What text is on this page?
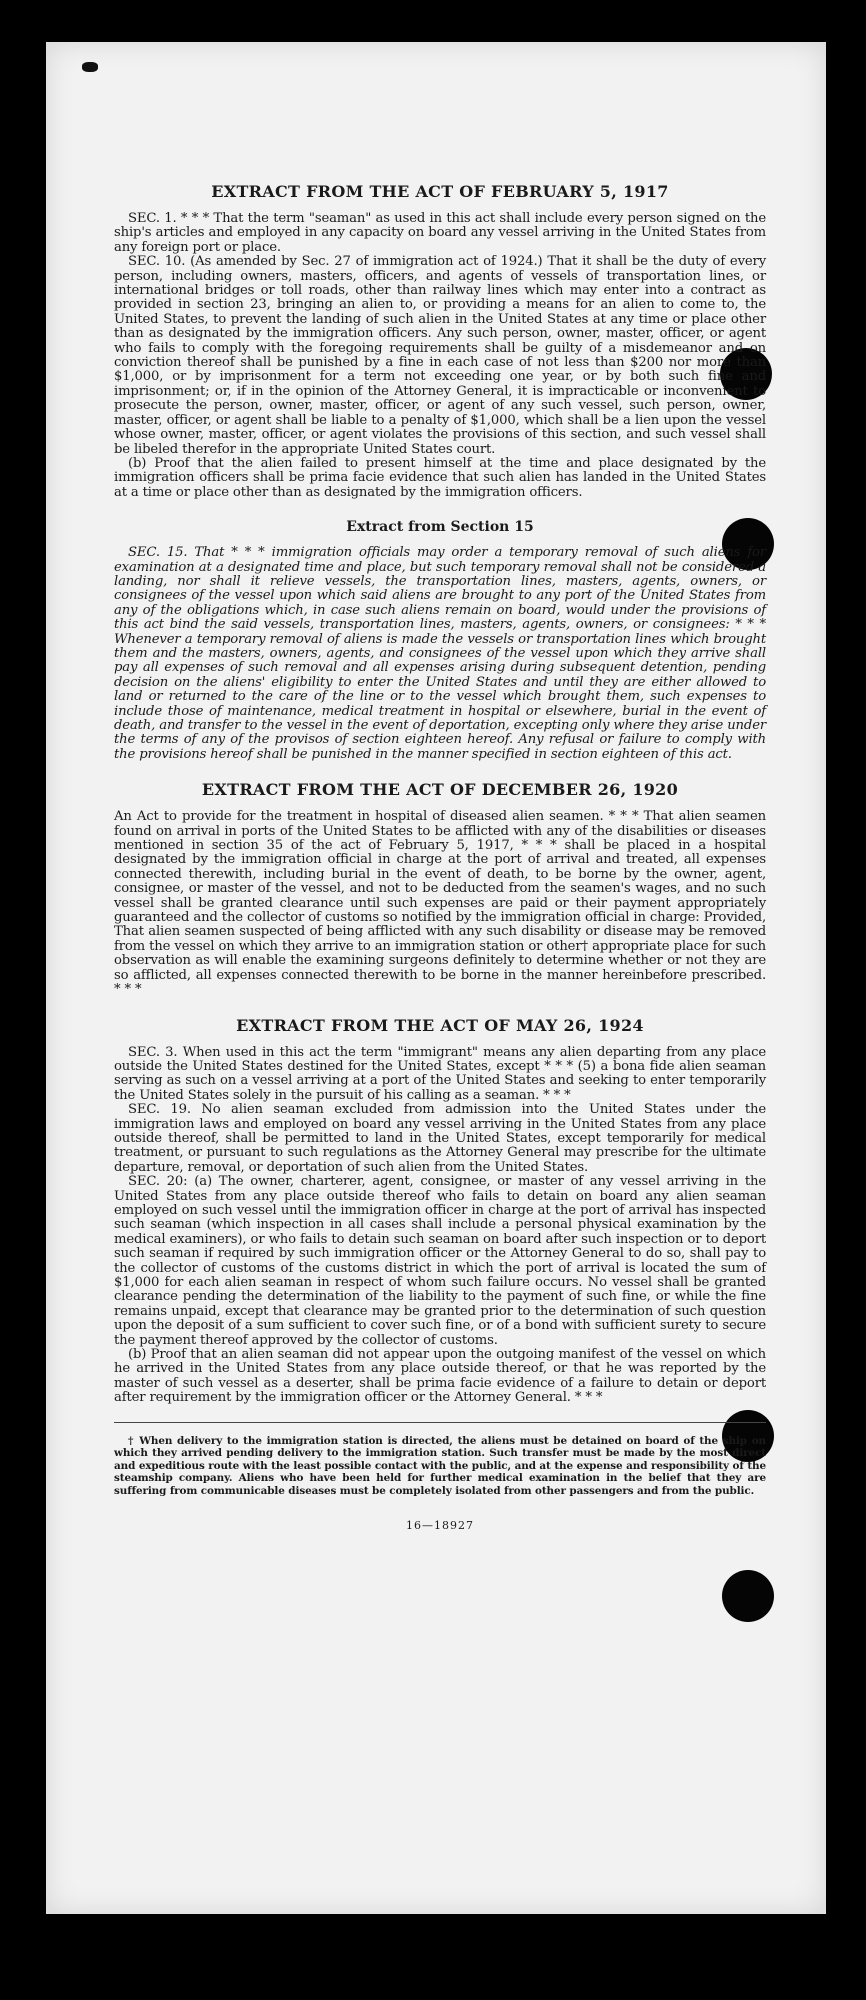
EXTRACT FROM THE ACT OF FEBRUARY 5, 1917

SEC. 1. * * * That the term "seaman" as used in this act shall include every person signed on the ship's articles and employed in any capacity on board any vessel arriving in the United States from any foreign port or place.

SEC. 10. (As amended by Sec. 27 of immigration act of 1924.) That it shall be the duty of every person, including owners, masters, officers, and agents of vessels of transportation lines, or international bridges or toll roads, other than railway lines which may enter into a contract as provided in section 23, bringing an alien to, or providing a means for an alien to come to, the United States, to prevent the landing of such alien in the United States at any time or place other than as designated by the immigration officers. Any such person, owner, master, officer, or agent who fails to comply with the foregoing requirements shall be guilty of a misdemeanor and on conviction thereof shall be punished by a fine in each case of not less than $200 nor more than $1,000, or by imprisonment for a term not exceeding one year, or by both such fine and imprisonment; or, if in the opinion of the Attorney General, it is impracticable or inconvenient to prosecute the person, owner, master, officer, or agent of any such vessel, such person, owner, master, officer, or agent shall be liable to a penalty of $1,000, which shall be a lien upon the vessel whose owner, master, officer, or agent violates the provisions of this section, and such vessel shall be libeled therefor in the appropriate United States court.

(b) Proof that the alien failed to present himself at the time and place designated by the immigration officers shall be prima facie evidence that such alien has landed in the United States at a time or place other than as designated by the immigration officers.

Extract from Section 15

SEC. 15. That * * * immigration officials may order a temporary removal of such aliens for examination at a designated time and place, but such temporary removal shall not be considered a landing, nor shall it relieve vessels, the transportation lines, masters, agents, owners, or consignees of the vessel upon which said aliens are brought to any port of the United States from any of the obligations which, in case such aliens remain on board, would under the provisions of this act bind the said vessels, transportation lines, masters, agents, owners, or consignees: * * * Whenever a temporary removal of aliens is made the vessels or transportation lines which brought them and the masters, owners, agents, and consignees of the vessel upon which they arrive shall pay all expenses of such removal and all expenses arising during subsequent detention, pending decision on the aliens' eligibility to enter the United States and until they are either allowed to land or returned to the care of the line or to the vessel which brought them, such expenses to include those of maintenance, medical treatment in hospital or elsewhere, burial in the event of death, and transfer to the vessel in the event of deportation, excepting only where they arise under the terms of any of the provisos of section eighteen hereof. Any refusal or failure to comply with the provisions hereof shall be punished in the manner specified in section eighteen of this act.

EXTRACT FROM THE ACT OF DECEMBER 26, 1920

An Act to provide for the treatment in hospital of diseased alien seamen. * * * That alien seamen found on arrival in ports of the United States to be afflicted with any of the disabilities or diseases mentioned in section 35 of the act of February 5, 1917, * * * shall be placed in a hospital designated by the immigration official in charge at the port of arrival and treated, all expenses connected therewith, including burial in the event of death, to be borne by the owner, agent, consignee, or master of the vessel, and not to be deducted from the seamen's wages, and no such vessel shall be granted clearance until such expenses are paid or their payment appropriately guaranteed and the collector of customs so notified by the immigration official in charge: Provided, That alien seamen suspected of being afflicted with any such disability or disease may be removed from the vessel on which they arrive to an immigration station or other† appropriate place for such observation as will enable the examining surgeons definitely to determine whether or not they are so afflicted, all expenses connected therewith to be borne in the manner hereinbefore prescribed. * * *

EXTRACT FROM THE ACT OF MAY 26, 1924

SEC. 3. When used in this act the term "immigrant" means any alien departing from any place outside the United States destined for the United States, except * * * (5) a bona fide alien seaman serving as such on a vessel arriving at a port of the United States and seeking to enter temporarily the United States solely in the pursuit of his calling as a seaman. * * *

SEC. 19. No alien seaman excluded from admission into the United States under the immigration laws and employed on board any vessel arriving in the United States from any place outside thereof, shall be permitted to land in the United States, except temporarily for medical treatment, or pursuant to such regulations as the Attorney General may prescribe for the ultimate departure, removal, or deportation of such alien from the United States.

SEC. 20: (a) The owner, charterer, agent, consignee, or master of any vessel arriving in the United States from any place outside thereof who fails to detain on board any alien seaman employed on such vessel until the immigration officer in charge at the port of arrival has inspected such seaman (which inspection in all cases shall include a personal physical examination by the medical examiners), or who fails to detain such seaman on board after such inspection or to deport such seaman if required by such immigration officer or the Attorney General to do so, shall pay to the collector of customs of the customs district in which the port of arrival is located the sum of $1,000 for each alien seaman in respect of whom such failure occurs. No vessel shall be granted clearance pending the determination of the liability to the payment of such fine, or while the fine remains unpaid, except that clearance may be granted prior to the determination of such question upon the deposit of a sum sufficient to cover such fine, or of a bond with sufficient surety to secure the payment thereof approved by the collector of customs.

(b) Proof that an alien seaman did not appear upon the outgoing manifest of the vessel on which he arrived in the United States from any place outside thereof, or that he was reported by the master of such vessel as a deserter, shall be prima facie evidence of a failure to detain or deport after requirement by the immigration officer or the Attorney General. * * *

† When delivery to the immigration station is directed, the aliens must be detained on board of the ship on which they arrived pending delivery to the immigration station. Such transfer must be made by the most direct and expeditious route with the least possible contact with the public, and at the expense and responsibility of the steamship company. Aliens who have been held for further medical examination in the belief that they are suffering from communicable diseases must be completely isolated from other passengers and from the public.
16—18927
